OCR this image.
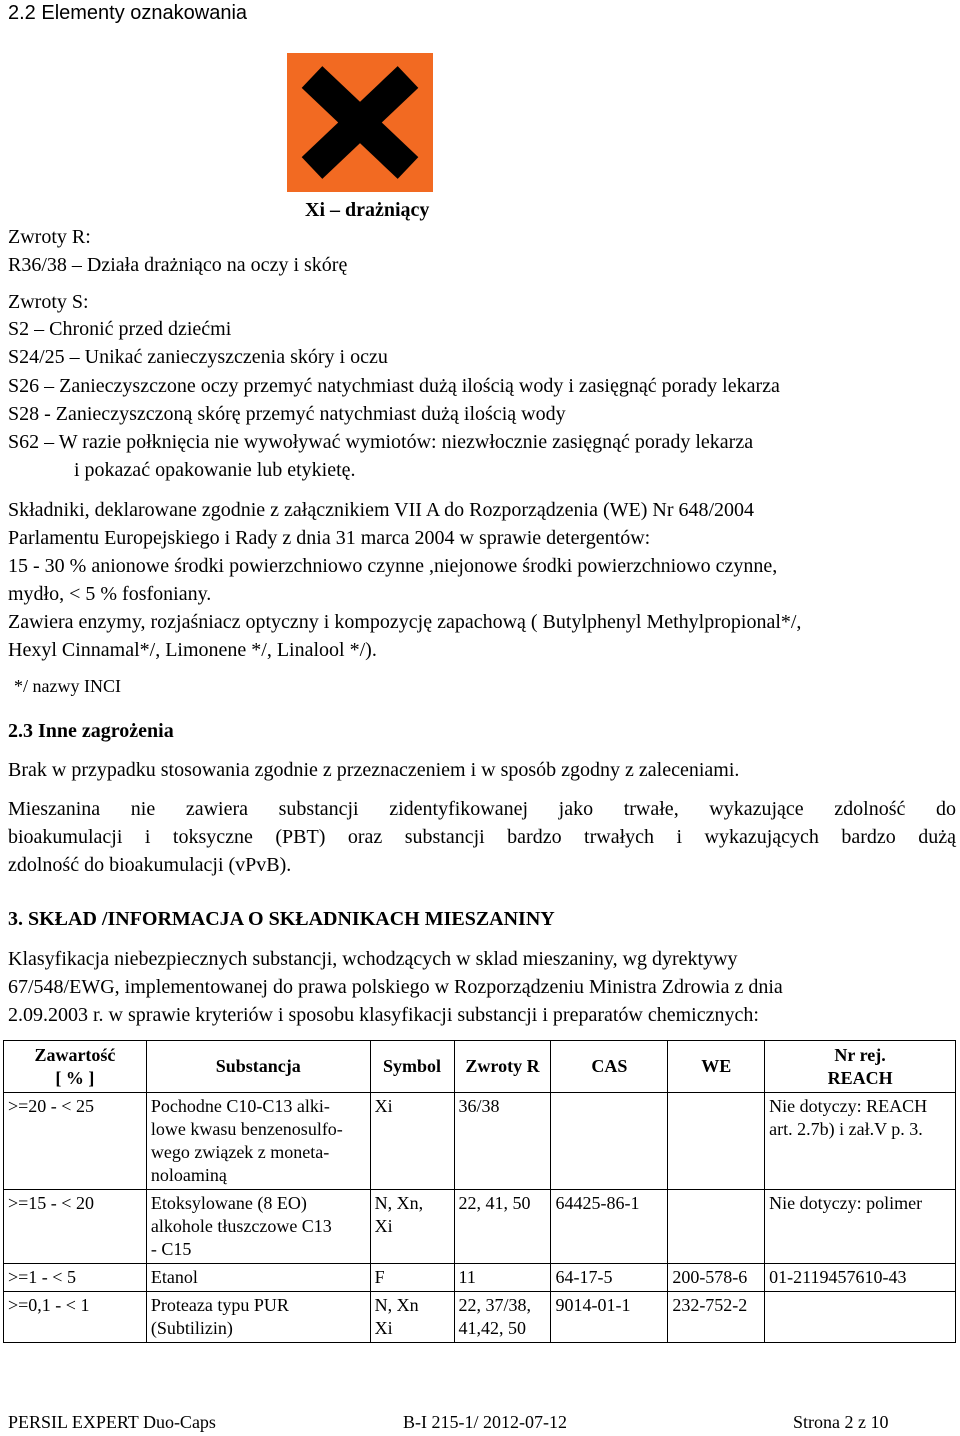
2.2 Elementy oznakowania
Xi – drażniący
Zwroty R:
R36/38 – Działa drażniąco na oczy i skórę
Zwroty S:
S2 – Chronić przed dziećmi
S24/25 – Unikać zanieczyszczenia skóry i oczu
S26 – Zanieczyszczone oczy przemyć natychmiast dużą ilością wody i zasięgnąć porady lekarza
S28 - Zanieczyszczoną skórę przemyć natychmiast dużą ilością wody
S62 – W razie połknięcia nie wywoływać wymiotów: niezwłocznie zasięgnąć porady lekarza
i pokazać opakowanie lub etykietę.
Składniki, deklarowane zgodnie z załącznikiem VII A do Rozporządzenia (WE) Nr 648/2004
Parlamentu Europejskiego i Rady z dnia 31 marca 2004 w sprawie detergentów:
15 - 30 % anionowe środki powierzchniowo czynne ,niejonowe środki powierzchniowo czynne,
mydło, < 5 % fosfoniany.
Zawiera enzymy, rozjaśniacz optyczny i kompozycję zapachową ( Butylphenyl Methylpropional*/,
Hexyl Cinnamal*/, Limonene */, Linalool */).
*/ nazwy INCI
2.3 Inne zagrożenia
Brak w przypadku stosowania zgodnie z przeznaczeniem i w sposób zgodny z zaleceniami.
Mieszanina nie zawiera substancji zidentyfikowanej jako trwałe, wykazujące zdolność do
bioakumulacji i toksyczne (PBT) oraz substancji bardzo trwałych i wykazujących bardzo dużą
zdolność do bioakumulacji (vPvB).
3. SKŁAD /INFORMACJA O SKŁADNIKACH MIESZANINY
Klasyfikacja niebezpiecznych substancji, wchodzących w sklad mieszaniny, wg dyrektywy
67/548/EWG, implementowanej do prawa polskiego w Rozporządzeniu Ministra Zdrowia z dnia
2.09.2003 r. w sprawie kryteriów i sposobu klasyfikacji substancji i preparatów chemicznych:
Zawartość
[ % ]	Substancja	Symbol	Zwroty R	CAS	WE	Nr rej.
REACH

>=20 - < 25	Pochodne C10-C13 alki-
lowe kwasu benzenosulfo-
wego związek z moneta-
noloaminą	Xi	36/38			Nie dotyczy: REACH
art. 2.7b) i zał.V p. 3.

>=15 - < 20	Etoksylowane (8 EO)
alkohole tłuszczowe C13
- C15	N, Xn,
Xi	22, 41, 50	64425-86-1		Nie dotyczy: polimer

>=1 - < 5	Etanol	F	11	64-17-5	200-578-6	01-2119457610-43

>=0,1 - < 1	Proteaza typu PUR
(Subtilizin)	N, Xn
Xi	22, 37/38,
41,42, 50	9014-01-1	232-752-2	
PERSIL EXPERT Duo-Caps	B-I 215-1/ 2012-07-12	Strona 2 z 10
